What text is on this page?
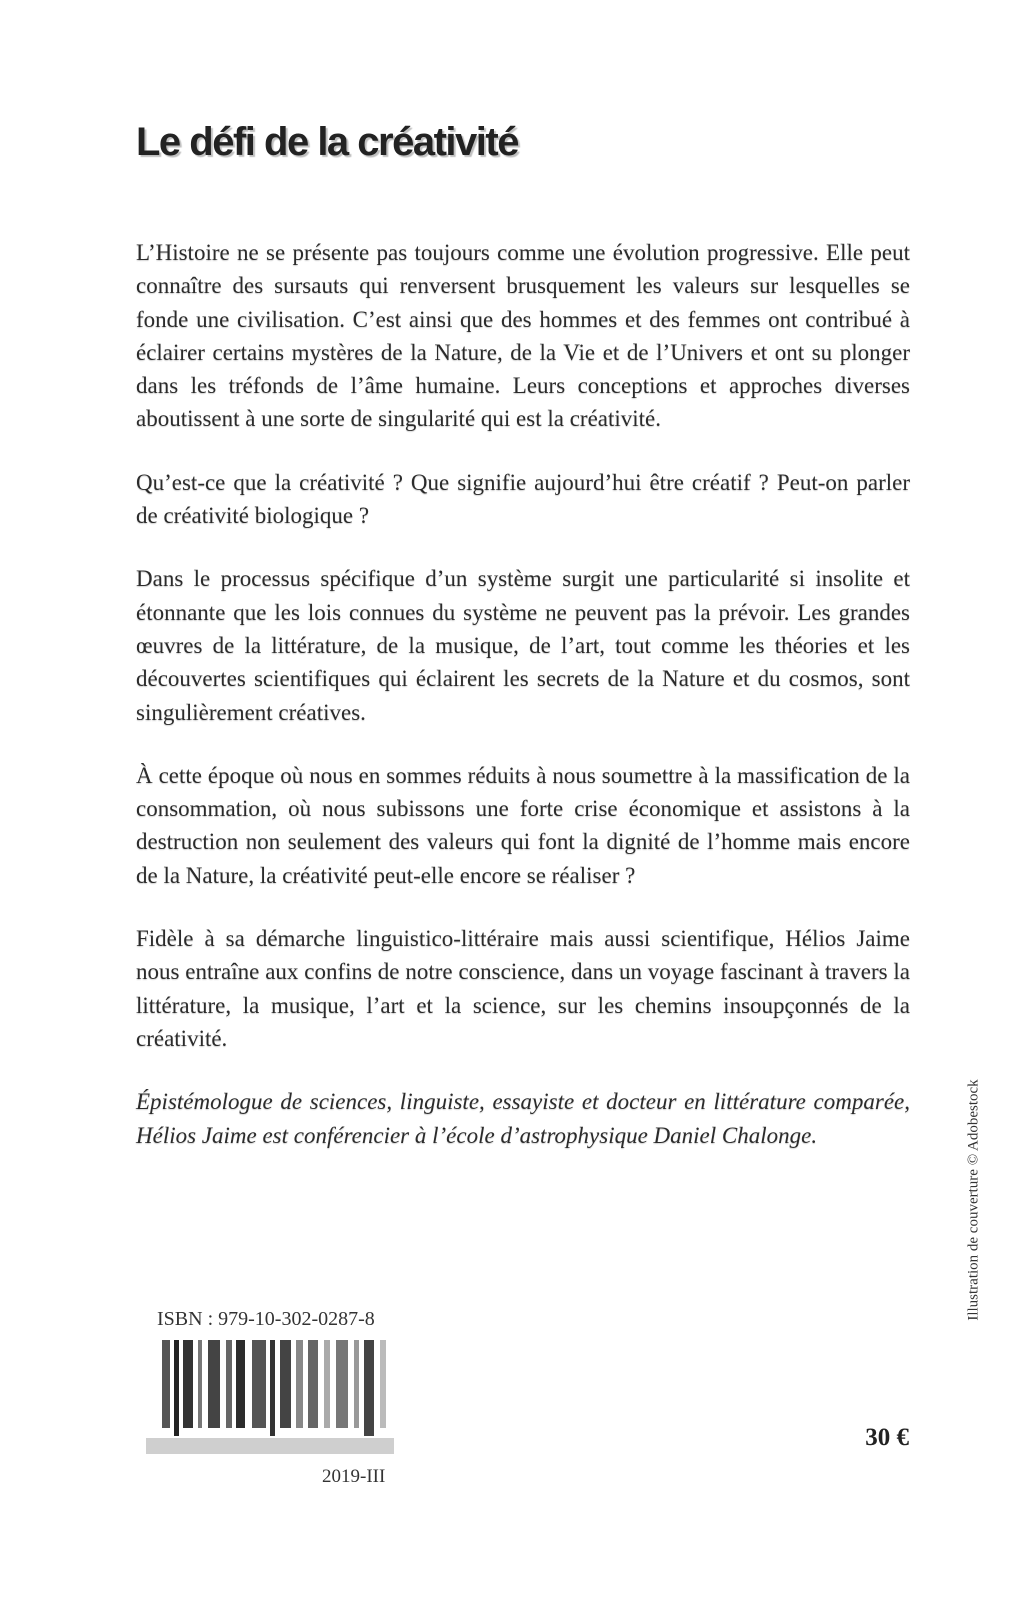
Le défi de la créativité

L’Histoire ne se présente pas toujours comme une évolution progressive. Elle peut connaître des sursauts qui renversent brusquement les valeurs sur lesquelles se fonde une civilisation. C’est ainsi que des hommes et des femmes ont contribué à éclairer certains mystères de la Nature, de la Vie et de l’Univers et ont su plonger dans les tréfonds de l’âme humaine. Leurs conceptions et approches diverses aboutissent à une sorte de singularité qui est la créativité.

Qu’est-ce que la créativité ? Que signifie aujourd’hui être créatif ? Peut-on parler de créativité biologique ?

Dans le processus spécifique d’un système surgit une particularité si insolite et étonnante que les lois connues du système ne peuvent pas la prévoir. Les grandes œuvres de la littérature, de la musique, de l’art, tout comme les théories et les découvertes scientifiques qui éclairent les secrets de la Nature et du cosmos, sont singulièrement créatives.

À cette époque où nous en sommes réduits à nous soumettre à la massification de la consommation, où nous subissons une forte crise économique et assistons à la destruction non seulement des valeurs qui font la dignité de l’homme mais encore de la Nature, la créativité peut-elle encore se réaliser ?

Fidèle à sa démarche linguistico-littéraire mais aussi scientifique, Hélios Jaime nous entraîne aux confins de notre conscience, dans un voyage fascinant à travers la littérature, la musique, l’art et la science, sur les chemins insoupçonnés de la créativité.

Épistémologue de sciences, linguiste, essayiste et docteur en littérature comparée, Hélios Jaime est conférencier à l’école d’astrophysique Daniel Chalonge.

ISBN : 979-10-302-0287-8
2019-III
30 €
Illustration de couverture © Adobestock
